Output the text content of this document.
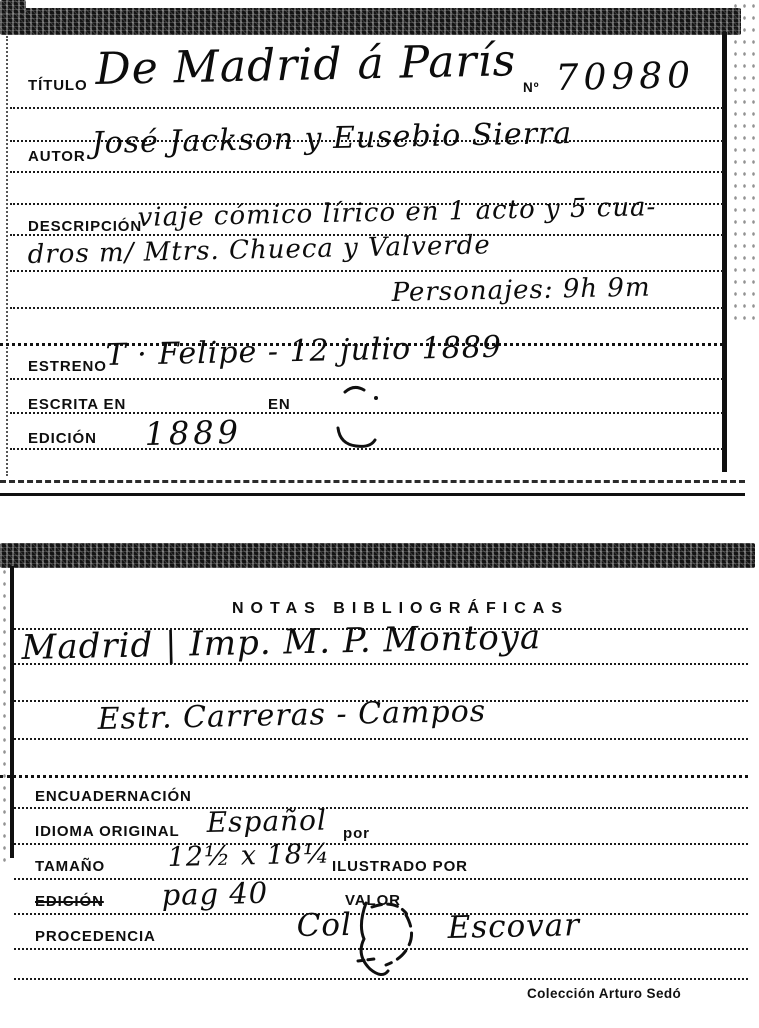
TÍTULO De Madrid á París Nº 70980
AUTOR José Jackson y Eusebio Sierra
DESCRIPCIÓN
viaje cómico lírico en 1 acto y 5 cua-
dros m/ Mtrs. Chueca y Valverde
Personajes: 9h 9m
ESTRENO
T · Felipe - 12 julio 1889
ESCRITA EN	EN
EDICIÓN 1889
NOTAS BIBLIOGRÁFICAS
Madrid | Imp. M. P. Montoya
Estr. Carreras - Campos
ENCUADERNACIÓN
IDIOMA ORIGINAL Español por
TAMAÑO 12½ x 18¼ ILUSTRADO POR
EDICIÓN pag 40	VALOR
PROCEDENCIA	Col	Escovar
Colección Arturo Sedó
